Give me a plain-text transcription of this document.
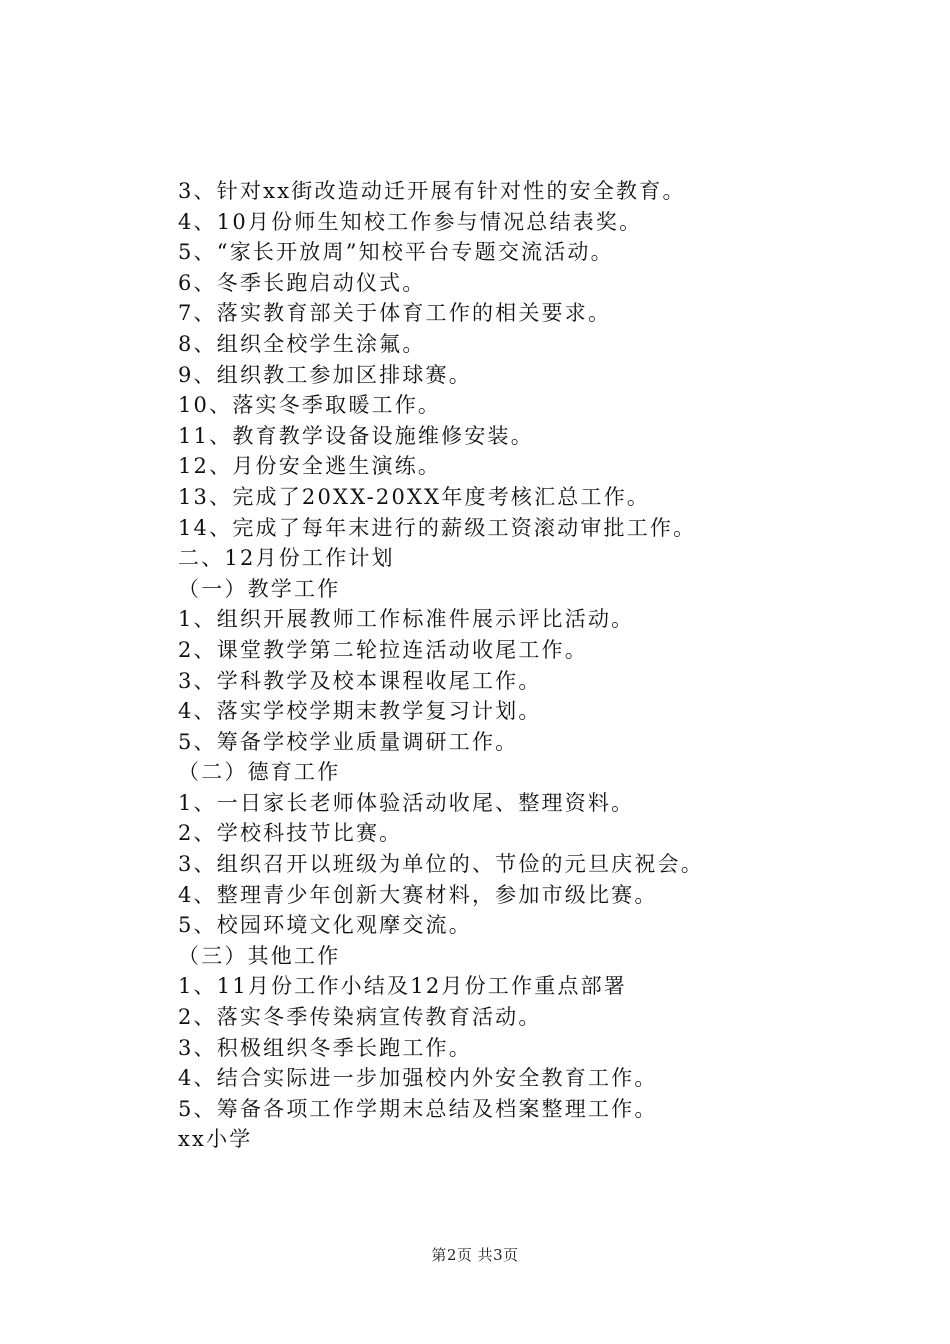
3、针对xx街改造动迁开展有针对性的安全教育。
4、10月份师生知校工作参与情况总结表奖。
5、“家长开放周”知校平台专题交流活动。
6、冬季长跑启动仪式。
7、落实教育部关于体育工作的相关要求。
8、组织全校学生涂氟。
9、组织教工参加区排球赛。
10、落实冬季取暖工作。
11、教育教学设备设施维修安装。
12、月份安全逃生演练。
13、完成了20XX-20XX年度考核汇总工作。
14、完成了每年末进行的薪级工资滚动审批工作。
二、12月份工作计划
（一）教学工作
1、组织开展教师工作标准件展示评比活动。
2、课堂教学第二轮拉连活动收尾工作。
3、学科教学及校本课程收尾工作。
4、落实学校学期末教学复习计划。
5、筹备学校学业质量调研工作。
（二）德育工作
1、一日家长老师体验活动收尾、整理资料。
2、学校科技节比赛。
3、组织召开以班级为单位的、节俭的元旦庆祝会。
4、整理青少年创新大赛材料，参加市级比赛。
5、校园环境文化观摩交流。
（三）其他工作
1、11月份工作小结及12月份工作重点部署
2、落实冬季传染病宣传教育活动。
3、积极组织冬季长跑工作。
4、结合实际进一步加强校内外安全教育工作。
5、筹备各项工作学期末总结及档案整理工作。
xx小学
第2页 共3页
